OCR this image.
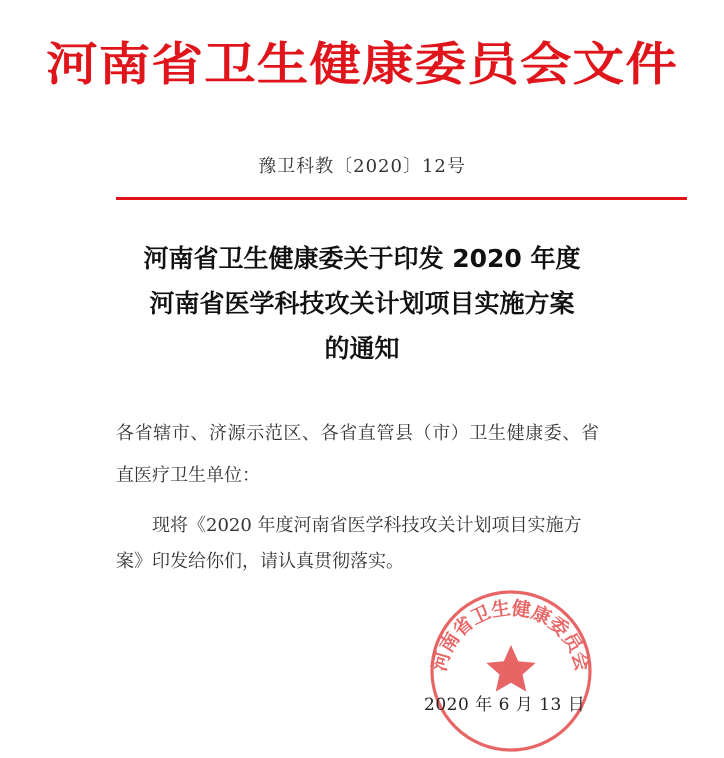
河南省卫生健康委员会文件
豫卫科教〔2020〕12号
河南省卫生健康委关于印发 2020 年度
河南省医学科技攻关计划项目实施方案
的通知
各省辖市、济源示范区、各省直管县（市）卫生健康委、省
直医疗卫生单位：
现将《2020 年度河南省医学科技攻关计划项目实施方
案》印发给你们，请认真贯彻落实。
河南省卫生健康委员会
2020 年 6 月 13 日
